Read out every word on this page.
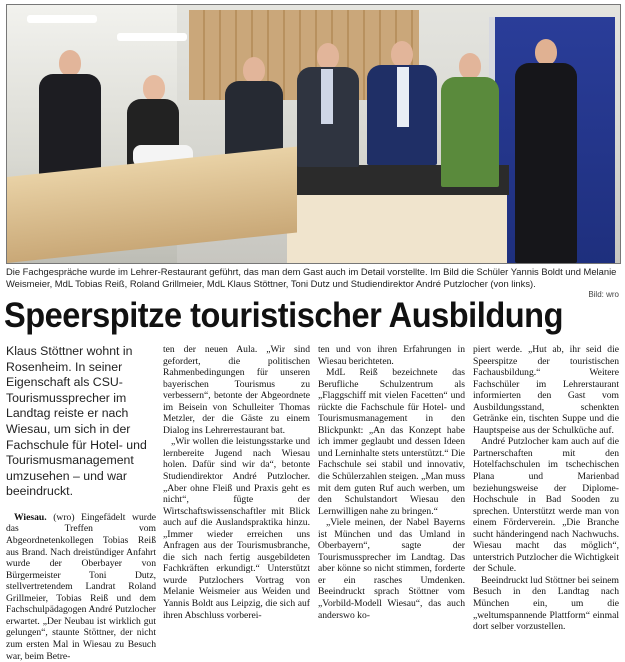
Die Fachgespräche wurde im Lehrer-Restaurant geführt, das man dem Gast auch im Detail vorstellte. Im Bild die Schüler Yannis Boldt und Melanie Weismeier, MdL Tobias Reiß, Roland Grillmeier, MdL Klaus Stöttner, Toni Dutz und Studiendirektor André Putzlocher (von links).
Bild: wro
Speerspitze touristischer Ausbildung

Klaus Stöttner wohnt in Rosenheim. In seiner Eigenschaft als CSU-Tourismussprecher im Landtag reiste er nach Wiesau, um sich in der Fachschule für Hotel- und Tourismusmanagement umzusehen – und war beeindruckt.

Wiesau. (wro) Eingefädelt wurde das Treffen vom Abgeordnetenkollegen Tobias Reiß aus Brand. Nach dreistündiger Anfahrt wurde der Oberbayer von Bürgermeister Toni Dutz, stellvertretendem Landrat Roland Grillmeier, Tobias Reiß und dem Fachschulpädagogen André Putzlocher erwartet. „Der Neubau ist wirklich gut gelungen“, staunte Stöttner, der nicht zum ersten Mal in Wiesau zu Besuch war, beim Betre-

ten der neuen Aula. „Wir sind gefordert, die politischen Rahmenbedingungen für unseren bayerischen Tourismus zu verbessern“, betonte der Abgeordnete im Beisein von Schulleiter Thomas Metzler, der die Gäste zu einem Dialog ins Lehrerrestaurant bat.

„Wir wollen die leistungsstarke und lernbereite Jugend nach Wiesau holen. Dafür sind wir da“, betonte Studiendirektor André Putzlocher. „Aber ohne Fleiß und Praxis geht es nicht“, fügte der Wirtschaftswissenschaftler mit Blick auch auf die Auslandspraktika hinzu. „Immer wieder erreichen uns Anfragen aus der Tourismusbranche, die sich nach fertig ausgebildeten Fachkräften erkundigt.“ Unterstützt wurde Putzlochers Vortrag von Melanie Weismeier aus Weiden und Yannis Boldt aus Leipzig, die sich auf ihren Abschluss vorberei-

ten und von ihren Erfahrungen in Wiesau berichteten.

MdL Reiß bezeichnete das Berufliche Schulzentrum als „Flaggschiff mit vielen Facetten“ und rückte die Fachschule für Hotel- und Tourismusmanagement in den Blickpunkt: „An das Konzept habe ich immer geglaubt und dessen Ideen und Lerninhalte stets unterstützt.“ Die Fachschule sei stabil und innovativ, die Schülerzahlen steigen. „Man muss mit dem guten Ruf auch werben, um den Schulstandort Wiesau den Lernwilligen nahe zu bringen.“

„Viele meinen, der Nabel Bayerns ist München und das Umland in Oberbayern“, sagte der Tourismussprecher im Landtag. Das aber könne so nicht stimmen, forderte er ein rasches Umdenken. Beeindruckt sprach Stöttner vom „Vorbild-Modell Wiesau“, das auch anderswo ko-

piert werde. „Hut ab, ihr seid die Speerspitze der touristischen Fachausbildung.“ Weitere Fachschüler im Lehrerstaurant informierten den Gast vom Ausbildungsstand, schenkten Getränke ein, tischten Suppe und die Hauptspeise aus der Schulküche auf.

André Putzlocher kam auch auf die Partnerschaften mit den Hotelfachschulen im tschechischen Plana und Marienbad beziehungsweise der Diplome-Hochschule in Bad Sooden zu sprechen. Unterstützt werde man von einem Förderverein. „Die Branche sucht händeringend nach Nachwuchs. Wiesau macht das möglich“, unterstrich Putzlocher die Wichtigkeit der Schule.

Beeindruckt lud Stöttner bei seinem Besuch in den Landtag nach München ein, um die „weltumspannende Plattform“ einmal dort selber vorzustellen.
